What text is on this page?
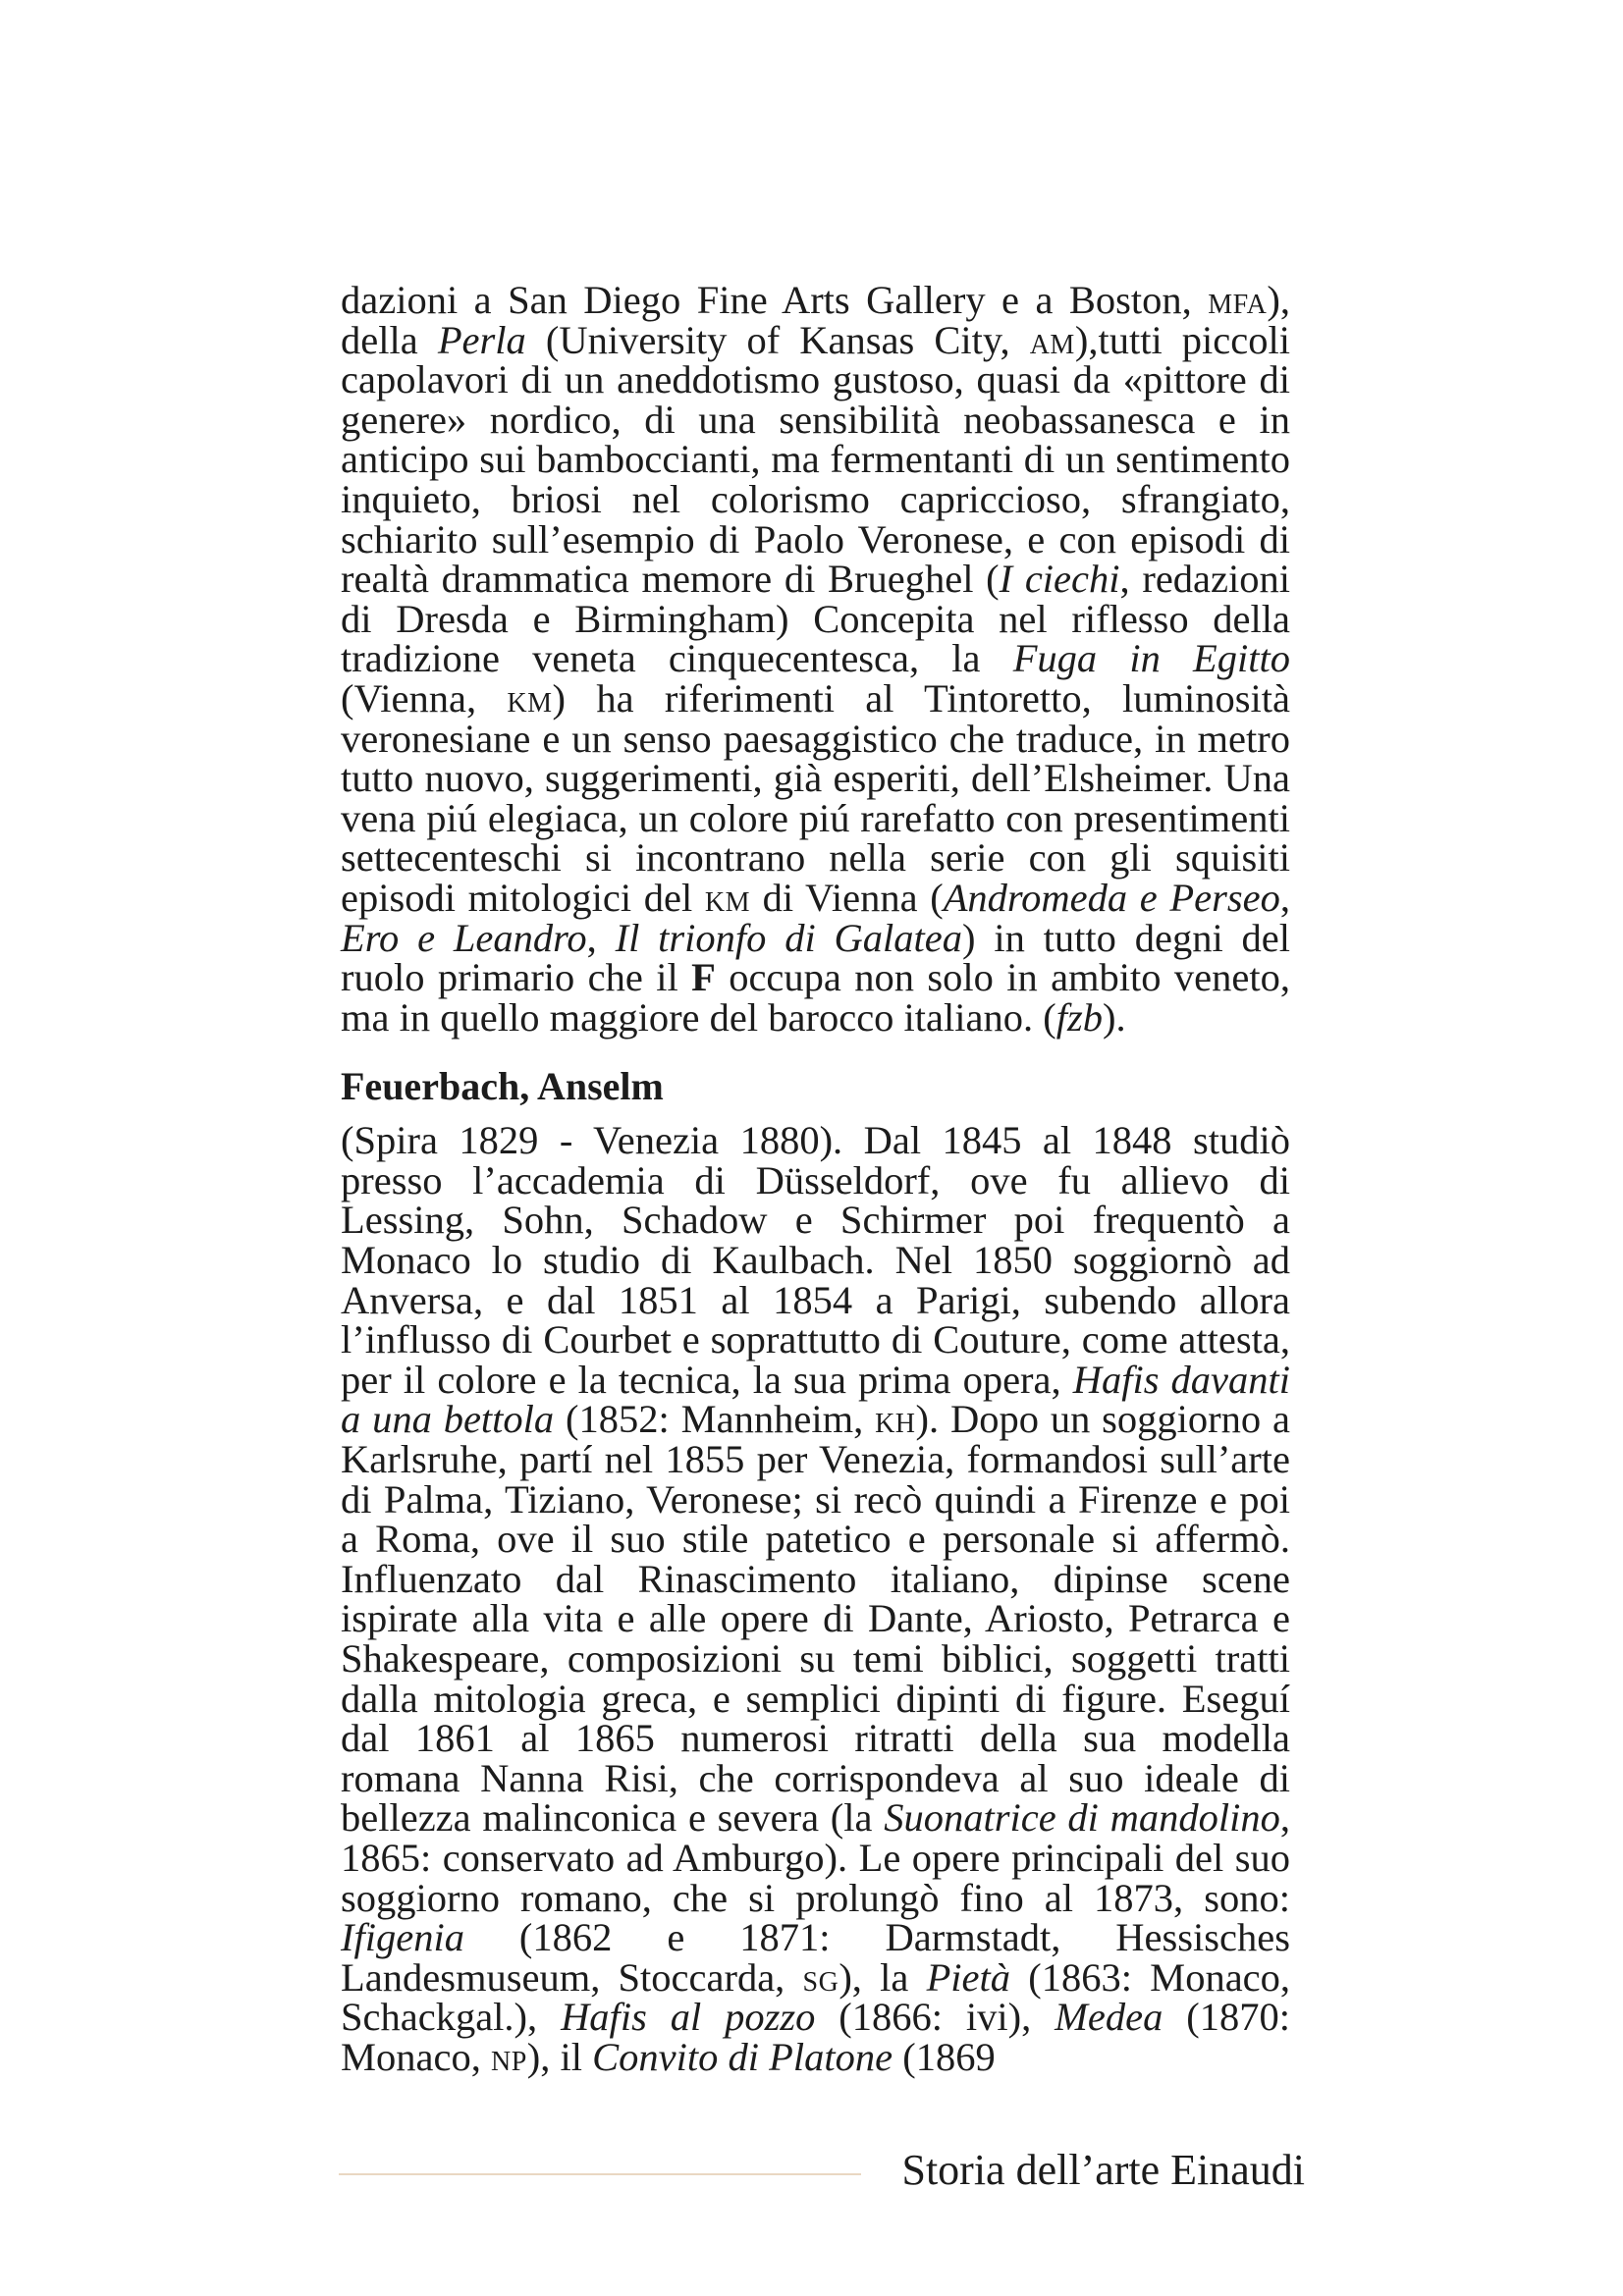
dazioni a San Diego Fine Arts Gallery e a Boston, mfa), della Perla (University of Kansas City, am),tutti piccoli capolavori di un aneddotismo gustoso, quasi da «pittore di genere» nordico, di una sensibilità neobassanesca e in anticipo sui bamboccianti, ma fermentanti di un sentimento inquieto, briosi nel colorismo capriccioso, sfrangiato, schiarito sull’esempio di Paolo Veronese, e con episodi di realtà drammatica memore di Brueghel (I ciechi, redazioni di Dresda e Birmingham) Concepita nel riflesso della tradizione veneta cinquecentesca, la Fuga in Egitto (Vienna, km) ha riferimenti al Tintoretto, luminosità veronesiane e un senso paesaggistico che traduce, in metro tutto nuovo, suggerimenti, già esperiti, dell’Elsheimer. Una vena piú elegiaca, un colore piú rarefatto con presentimenti settecenteschi si incontrano nella serie con gli squisiti episodi mitologici del km di Vienna (Andromeda e Perseo, Ero e Leandro, Il trionfo di Galatea) in tutto degni del ruolo primario che il F occupa non solo in ambito veneto, ma in quello maggiore del barocco italiano. (fzb).

Feuerbach, Anselm

(Spira 1829 - Venezia 1880). Dal 1845 al 1848 studiò presso l’accademia di Düsseldorf, ove fu allievo di Lessing, Sohn, Schadow e Schirmer poi frequentò a Monaco lo studio di Kaulbach. Nel 1850 soggiornò ad Anversa, e dal 1851 al 1854 a Parigi, subendo allora l’influsso di Courbet e soprattutto di Couture, come attesta, per il colore e la tecnica, la sua prima opera, Hafis davanti a una bettola (1852: Mannheim, kh). Dopo un soggiorno a Karlsruhe, partí nel 1855 per Venezia, formandosi sull’arte di Palma, Tiziano, Veronese; si recò quindi a Firenze e poi a Roma, ove il suo stile patetico e personale si affermò. Influenzato dal Rinascimento italiano, dipinse scene ispirate alla vita e alle opere di Dante, Ariosto, Petrarca e Shakespeare, composizioni su temi biblici, soggetti tratti dalla mitologia greca, e semplici dipinti di figure. Eseguí dal 1861 al 1865 numerosi ritratti della sua modella romana Nanna Risi, che corrispondeva al suo ideale di bellezza malinconica e severa (la Suonatrice di mandolino, 1865: conservato ad Amburgo). Le opere principali del suo soggiorno romano, che si prolungò fino al 1873, sono: Ifigenia (1862 e 1871: Darmstadt, Hessisches Landesmuseum, Stoccarda, sg), la Pietà (1863: Monaco, Schackgal.), Hafis al pozzo (1866: ivi), Medea (1870: Monaco, np), il Convito di Platone (1869

Storia dell’arte Einaudi
